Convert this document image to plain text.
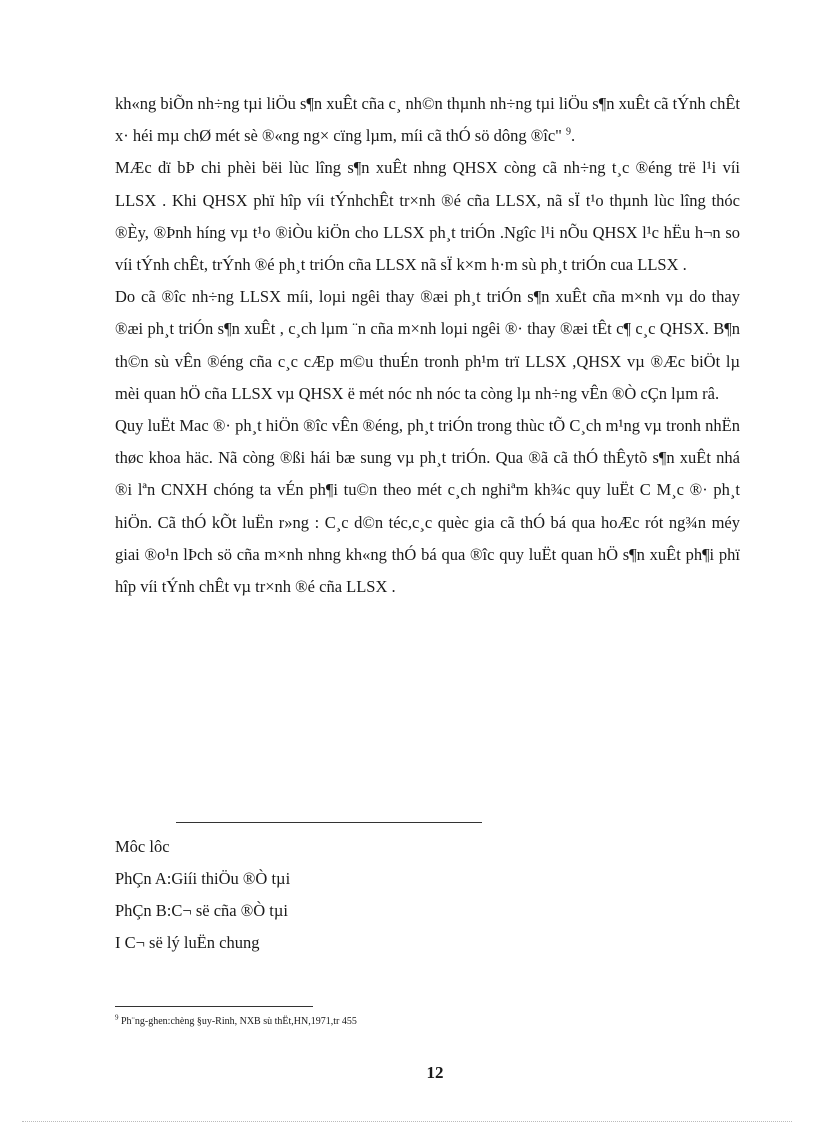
kh«ng biÕn nh÷ng tµi liÖu s¶n xuÊt cña c¸ nh©n thµnh nh÷ng tµi liÖu s¶n xuÊt cã tÝnh chÊt x· héi mµ chØ mét sè ®«ng ng× cïng lµm, míi cã thÓ sö dông ®îc" $^9$.

MÆc dï bÞ chi phèi bëi lùc lîng s¶n xuÊt nhng QHSX còng cã nh÷ng t¸c ®éng trë l¹i víi LLSX . Khi QHSX phï hîp víi tÝnhchÊt tr×nh ®é cña LLSX, nã sÏ t¹o thµnh lùc lîng thóc ®Èy, ®Þnh híng vµ t¹o ®iÒu kiÖn cho LLSX ph¸t triÓn .Ngîc l¹i nÕu QHSX l¹c hËu h¬n so víi tÝnh chÊt, trÝnh ®é ph¸t triÓn cña LLSX nã sÏ k×m h·m sù ph¸t triÓn cua LLSX .

Do cã ®îc nh÷ng LLSX míi, loµi ngêi thay ®æi ph¸t triÓn s¶n xuÊt cña m×nh vµ do thay ®æi ph¸t triÓn s¶n xuÊt , c¸ch lµm ¨n cña m×nh loµi ngêi ®· thay ®æi tÊt c¶ c¸c QHSX. B¶n th©n sù vÊn ®éng cña c¸c cÆp m©u thuÉn tronh ph¹m trï LLSX ,QHSX vµ ®Æc biÖt lµ mèi quan hÖ cña LLSX vµ QHSX ë mét nóc nh nóc ta còng lµ nh÷ng vÊn ®Ò cÇn lµm râ.

Quy luËt Mac ®· ph¸t hiÖn ®îc vÊn ®éng, ph¸t triÓn trong thùc tÕ C¸ch m¹ng vµ tronh nhËn thøc khoa häc. Nã còng ®ßi hái bæ sung vµ ph¸t triÓn. Qua ®ã cã thÓ thÊytõ s¶n xuÊt nhá ®i lªn CNXH chóng ta vÉn ph¶i tu©n theo mét c¸ch nghiªm kh¾c quy luËt C M¸c ®· ph¸t hiÖn. Cã thÓ kÕt luËn r»ng : C¸c d©n téc,c¸c quèc gia cã thÓ bá qua hoÆc rót ng¾n méy giai ®o¹n lÞch sö cña m×nh nhng kh«ng thÓ bá qua ®îc quy luËt quan hÖ s¶n xuÊt ph¶i phï hîp víi tÝnh chÊt vµ tr×nh ®é cña LLSX .

Môc lôc

PhÇn A:Giíi thiÖu ®Ò tµi

PhÇn B:C¬ së cña ®Ò tµi

I C¬ së lý luËn chung

$^9$ Ph¨ng-ghen:chèng §uy-Rinh, NXB sù thËt,HN,1971,tr 455
12
